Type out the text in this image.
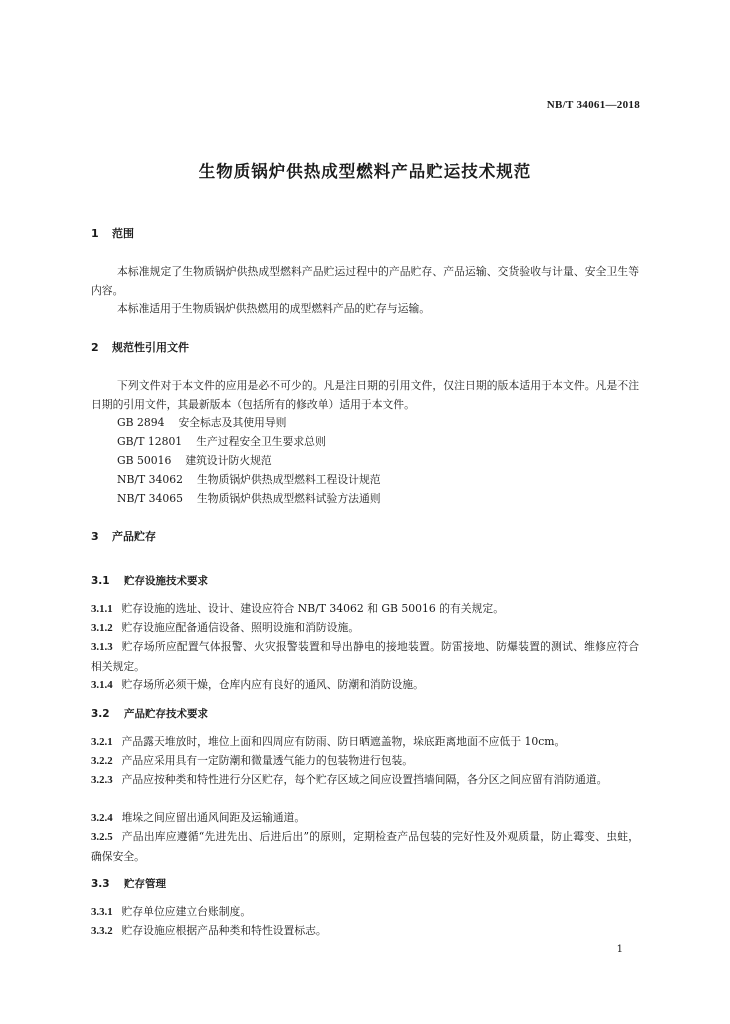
NB/T 34061—2018
生物质锅炉供热成型燃料产品贮运技术规范
1 范围
本标准规定了生物质锅炉供热成型燃料产品贮运过程中的产品贮存、产品运输、交货验收与计量、安全卫生等内容。
本标准适用于生物质锅炉供热燃用的成型燃料产品的贮存与运输。
2 规范性引用文件
下列文件对于本文件的应用是必不可少的。凡是注日期的引用文件，仅注日期的版本适用于本文件。凡是不注日期的引用文件，其最新版本（包括所有的修改单）适用于本文件。
GB 2894 安全标志及其使用导则
GB/T 12801 生产过程安全卫生要求总则
GB 50016 建筑设计防火规范
NB/T 34062 生物质锅炉供热成型燃料工程设计规范
NB/T 34065 生物质锅炉供热成型燃料试验方法通则
3 产品贮存
3.1 贮存设施技术要求
3.1.1 贮存设施的选址、设计、建设应符合 NB/T 34062 和 GB 50016 的有关规定。
3.1.2 贮存设施应配备通信设备、照明设施和消防设施。
3.1.3 贮存场所应配置气体报警、火灾报警装置和导出静电的接地装置。防雷接地、防爆装置的测试、维修应符合相关规定。
3.1.4 贮存场所必须干燥，仓库内应有良好的通风、防潮和消防设施。
3.2 产品贮存技术要求
3.2.1 产品露天堆放时，堆位上面和四周应有防雨、防日晒遮盖物，垛底距离地面不应低于 10cm。
3.2.2 产品应采用具有一定防潮和微量透气能力的包装物进行包装。
3.2.3 产品应按种类和特性进行分区贮存，每个贮存区域之间应设置挡墙间隔，各分区之间应留有消防通道。
3.2.4 堆垛之间应留出通风间距及运输通道。
3.2.5 产品出库应遵循“先进先出、后进后出”的原则，定期检查产品包装的完好性及外观质量，防止霉变、虫蛀，确保安全。
3.3 贮存管理
3.3.1 贮存单位应建立台账制度。
3.3.2 贮存设施应根据产品种类和特性设置标志。
1
